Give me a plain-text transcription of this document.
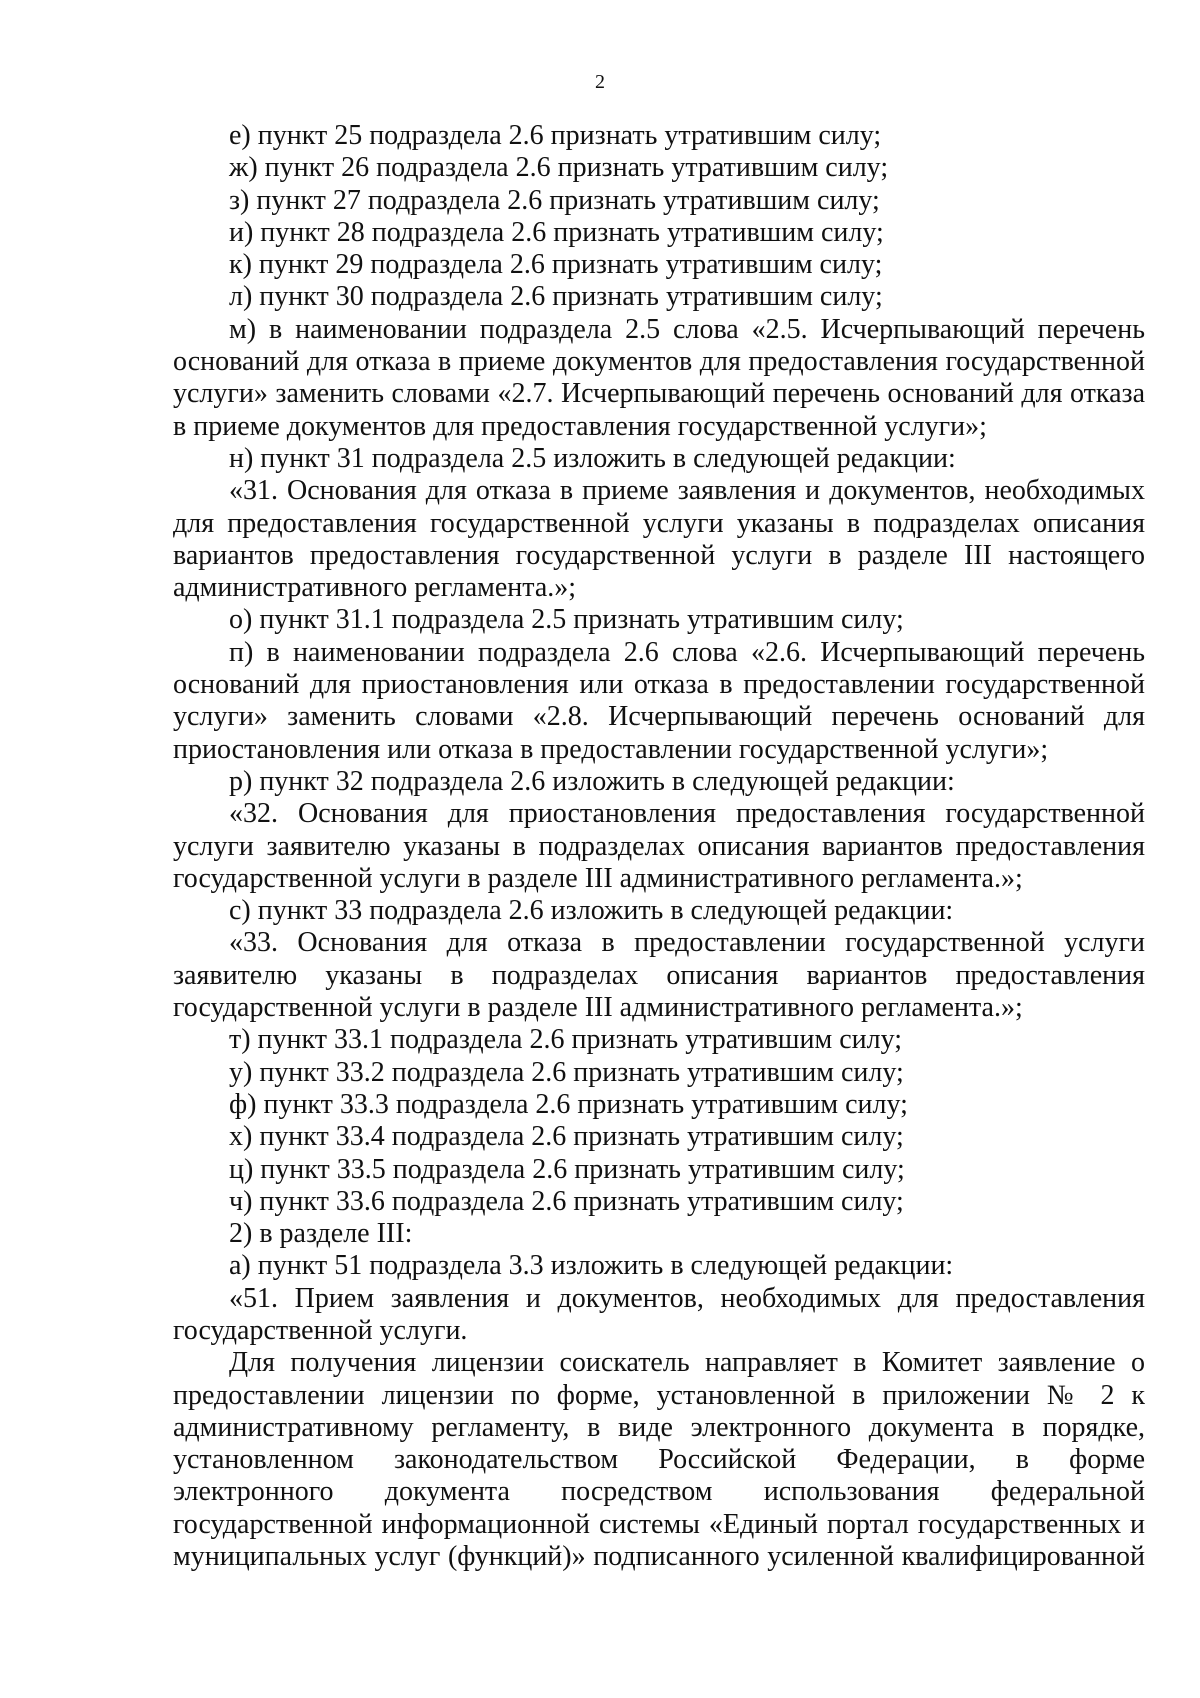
2

е) пункт 25 подраздела 2.6 признать утратившим силу;

ж) пункт 26 подраздела 2.6 признать утратившим силу;

з) пункт 27 подраздела 2.6 признать утратившим силу;

и) пункт 28 подраздела 2.6 признать утратившим силу;

к) пункт 29 подраздела 2.6 признать утратившим силу;

л) пункт 30 подраздела 2.6 признать утратившим силу;

м) в наименовании подраздела 2.5 слова «2.5. Исчерпывающий перечень оснований для отказа в приеме документов для предоставления государственной услуги» заменить словами «2.7. Исчерпывающий перечень оснований для отказа в приеме документов для предоставления государственной услуги»;

н) пункт 31 подраздела 2.5 изложить в следующей редакции:

«31. Основания для отказа в приеме заявления и документов, необходимых для предоставления государственной услуги указаны в подразделах описания вариантов предоставления государственной услуги в разделе III настоящего административного регламента.»;

о) пункт 31.1 подраздела 2.5 признать утратившим силу;

п) в наименовании подраздела 2.6 слова «2.6. Исчерпывающий перечень оснований для приостановления или отказа в предоставлении государственной услуги» заменить словами «2.8. Исчерпывающий перечень оснований для приостановления или отказа в предоставлении государственной услуги»;

р) пункт 32 подраздела 2.6 изложить в следующей редакции:

«32. Основания для приостановления предоставления государственной услуги заявителю указаны в подразделах описания вариантов предоставления государственной услуги в разделе III административного регламента.»;

с) пункт 33 подраздела 2.6 изложить в следующей редакции:

«33. Основания для отказа в предоставлении государственной услуги заявителю указаны в подразделах описания вариантов предоставления государственной услуги в разделе III административного регламента.»;

т) пункт 33.1 подраздела 2.6 признать утратившим силу;

у) пункт 33.2 подраздела 2.6 признать утратившим силу;

ф) пункт 33.3 подраздела 2.6 признать утратившим силу;

х) пункт 33.4 подраздела 2.6 признать утратившим силу;

ц) пункт 33.5 подраздела 2.6 признать утратившим силу;

ч) пункт 33.6 подраздела 2.6 признать утратившим силу;

2) в разделе III:

а) пункт 51 подраздела 3.3 изложить в следующей редакции:

«51. Прием заявления и документов, необходимых для предоставления государственной услуги.

Для получения лицензии соискатель направляет в Комитет заявление о предоставлении лицензии по форме, установленной в приложении № 2 к административному регламенту, в виде электронного документа в порядке, установленном законодательством Российской Федерации, в форме электронного документа посредством использования федеральной государственной информационной системы «Единый портал государственных и муниципальных услуг (функций)» подписанного усиленной квалифицированной
